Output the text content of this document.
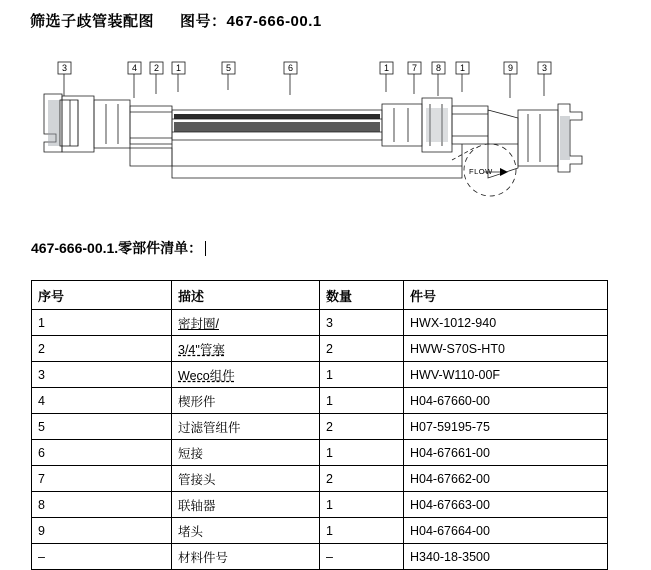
筛选子歧管装配图 图号：467-666-00.1
3	4 2 1	5	6	1	7 8 1	9	3
FLOW
467-666-00.1.零部件清单：
序号	描述	数量	件号
1	密封圈/	3	HWX-1012-940
2	3/4"管塞	2	HWW-S70S-HT0
3	Weco组件	1	HWV-W110-00F
4	楔形件	1	H04-67660-00
5	过滤管组件	2	H07-59195-75
6	短接	1	H04-67661-00
7	管接头	2	H04-67662-00
8	联轴器	1	H04-67663-00
9	堵头	1	H04-67664-00
–	材料件号	–	H340-18-3500
